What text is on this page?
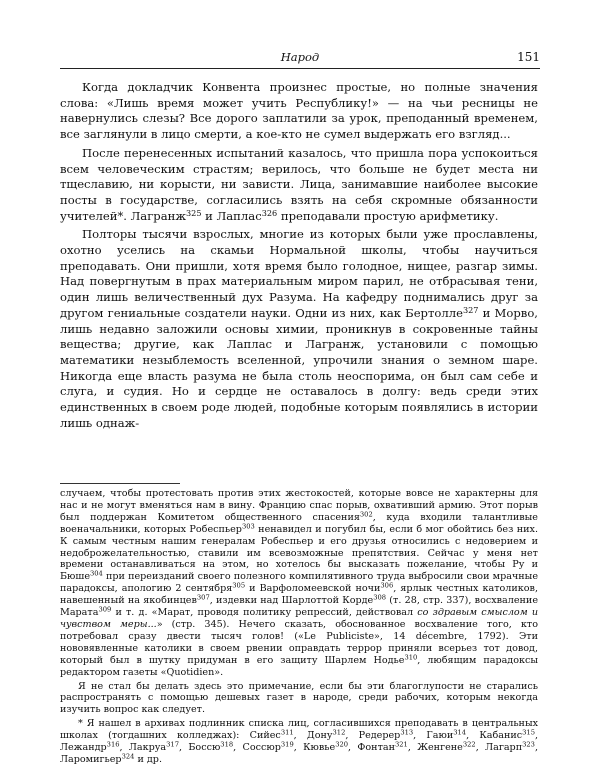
Народ	151

Когда докладчик Конвента произнес простые, но полные значения слова: «Лишь время может учить Республику!» — на чьи ресницы не навернулись слезы? Все дорого заплатили за урок, преподанный временем, все заглянули в лицо смерти, а кое-кто не сумел выдержать его взгляд...

После перенесенных испытаний казалось, что пришла пора успокоиться всем человеческим страстям; верилось, что больше не будет места ни тщеславию, ни корысти, ни зависти. Лица, занимавшие наиболее высокие посты в государстве, согласились взять на себя скромные обязанности учителей*. Лагранж$^{325}$ и Лаплас$^{326}$ преподавали простую арифметику.

Полторы тысячи взрослых, многие из которых были уже прославлены, охотно уселись на скамьи Нормальной школы, чтобы научиться преподавать. Они пришли, хотя время было голодное, нищее, разгар зимы. Над повергнутым в прах материальным миром парил, не отбрасывая тени, один лишь величественный дух Разума. На кафедру поднимались друг за другом гениальные создатели науки. Одни из них, как Бертолле$^{327}$ и Морво, лишь недавно заложили основы химии, проникнув в сокровенные тайны вещества; другие, как Лаплас и Лагранж, установили с помощью математики незыблемость вселенной, упрочили знания о земном шаре. Никогда еще власть разума не была столь неоспорима, он был сам себе и слуга, и судия. Но и сердце не оставалось в долгу: ведь среди этих единственных в своем роде людей, подобные которым появлялись в истории лишь однаж-

случаем, чтобы протестовать против этих жестокостей, которые вовсе не характерны для нас и не могут вменяться нам в вину. Францию спас порыв, охвативший армию. Этот порыв был поддержан Комитетом общественного спасения$^{302}$, куда входили талантливые военачальники, которых Робеспьер$^{303}$ ненавидел и погубил бы, если б мог обойтись без них. К самым честным нашим генералам Робеспьер и его друзья относились с недоверием и недоброжелательностью, ставили им всевозможные препятствия. Сейчас у меня нет времени останавливаться на этом, но хотелось бы высказать пожелание, чтобы Ру и Бюше$^{304}$ при переизданий своего полезного компилятивного труда выбросили свои мрачные парадоксы, апологию 2 сентября$^{305}$ и Варфоломеевской ночи$^{306}$, ярлык честных католиков, навешенный на якобинцев$^{307}$, издевки над Шарлоттой Корде$^{308}$ (т. 28, стр. 337), восхваление Марата$^{309}$ и т. д. «Марат, проводя политику репрессий, действовал со здравым смыслом и чувством меры...» (стр. 345). Нечего сказать, обоснованное восхваление того, кто потребовал сразу двести тысяч голов! («Le Publiciste», 14 décembre, 1792). Эти нововявленные католики в своем рвении оправдать террор приняли всерьез тот довод, который был в шутку придуман в его защиту Шарлем Нодье$^{310}$, любящим парадоксы редактором газеты «Quotidien».

Я не стал бы делать здесь это примечание, если бы эти благоглупости не старались распространять с помощью дешевых газет в народе, среди рабочих, которым некогда изучить вопрос как следует.

* Я нашел в архивах подлинник списка лиц, согласившихся преподавать в центральных школах (тогдашних колледжах): Сийес$^{311}$, Дону$^{312}$, Редерер$^{313}$, Гаюи$^{314}$, Кабанис$^{315}$, Лежандр$^{316}$, Лакруа$^{317}$, Боссю$^{318}$, Соссюр$^{319}$, Кювье$^{320}$, Фонтан$^{321}$, Женгене$^{322}$, Лагарп$^{323}$, Ларомигьер$^{324}$ и др.
